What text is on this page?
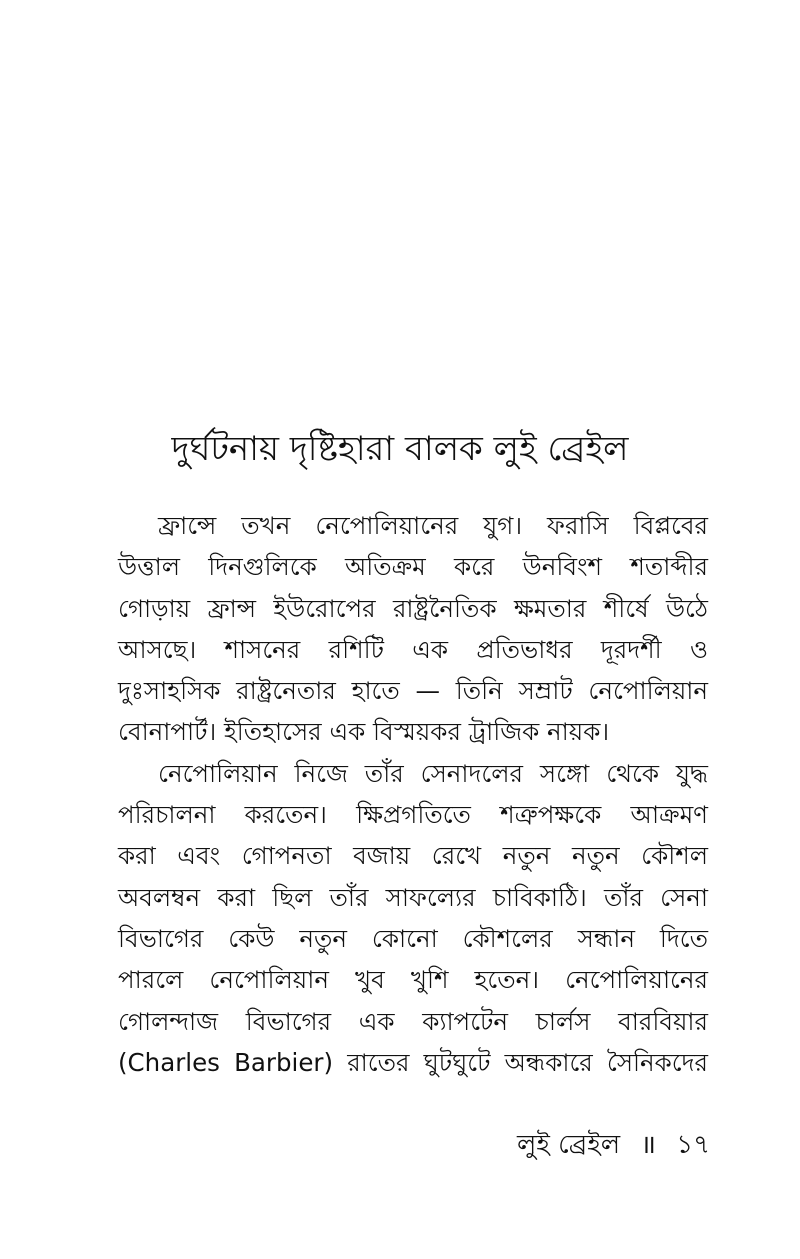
দুর্ঘটনায় দৃষ্টিহারা বালক লুই ব্রেইল
ফ্রান্সে তখন নেপোলিয়ানের যুগ। ফরাসি বিপ্লবের
উত্তাল দিনগুলিকে অতিক্রম করে উনবিংশ শতাব্দীর
গোড়ায় ফ্রান্স ইউরোপের রাষ্ট্রনৈতিক ক্ষমতার শীর্ষে উঠে
আসছে। শাসনের রশিটি এক প্রতিভাধর দূরদর্শী ও
দুঃসাহসিক রাষ্ট্রনেতার হাতে — তিনি সম্রাট নেপোলিয়ান
বোনাপার্ট। ইতিহাসের এক বিস্ময়কর ট্রাজিক নায়ক।
নেপোলিয়ান নিজে তাঁর সেনাদলের সঙ্গো থেকে যুদ্ধ
পরিচালনা করতেন। ক্ষিপ্রগতিতে শত্রুপক্ষকে আক্রমণ
করা এবং গোপনতা বজায় রেখে নতুন নতুন কৌশল
অবলম্বন করা ছিল তাঁর সাফল্যের চাবিকাঠি। তাঁর সেনা
বিভাগের কেউ নতুন কোনো কৌশলের সন্ধান দিতে
পারলে নেপোলিয়ান খুব খুশি হতেন। নেপোলিয়ানের
গোলন্দাজ বিভাগের এক ক্যাপটেন চার্লস বারবিয়ার
(Charles Barbier) রাতের ঘুটঘুটে অন্ধকারে সৈনিকদের
লুই ব্রেইল ॥ ১৭
